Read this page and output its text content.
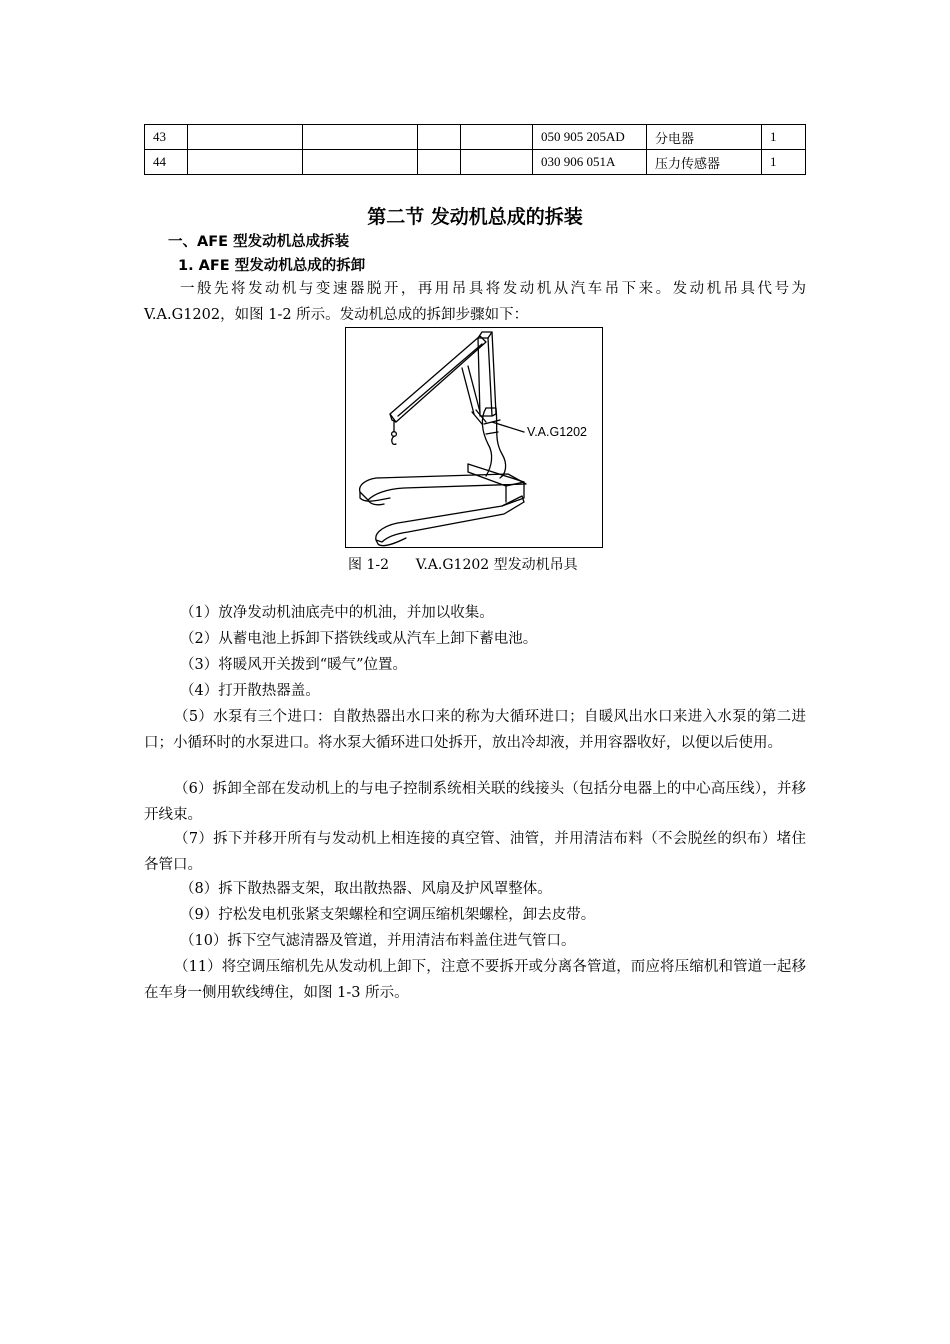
43					050 905 205AD	分电器	1
44					030 906 051A	压力传感器	1
第二节 发动机总成的拆装
一、AFE 型发动机总成拆装
1. AFE 型发动机总成的拆卸
一般先将发动机与变速器脱开，再用吊具将发动机从汽车吊下来。发动机吊具代号为 V.A.G1202，如图 1-2 所示。发动机总成的拆卸步骤如下：
V.A.G1202
图 1-2      V.A.G1202 型发动机吊具
（1）放净发动机油底壳中的机油，并加以收集。
（2）从蓄电池上拆卸下搭铁线或从汽车上卸下蓄电池。
（3）将暖风开关拨到“暖气”位置。
（4）打开散热器盖。
（5）水泵有三个进口：自散热器出水口来的称为大循环进口；自暖风出水口来进入水泵的第二进口；小循环时的水泵进口。将水泵大循环进口处拆开，放出冷却液，并用容器收好，以便以后使用。
（6）拆卸全部在发动机上的与电子控制系统相关联的线接头（包括分电器上的中心高压线），并移开线束。
（7）拆下并移开所有与发动机上相连接的真空管、油管，并用清洁布料（不会脱丝的织布）堵住各管口。
（8）拆下散热器支架，取出散热器、风扇及护风罩整体。
（9）拧松发电机张紧支架螺栓和空调压缩机架螺栓，卸去皮带。
（10）拆下空气滤清器及管道，并用清洁布料盖住进气管口。
（11）将空调压缩机先从发动机上卸下，注意不要拆开或分离各管道，而应将压缩机和管道一起移在车身一侧用软线缚住，如图 1-3 所示。
